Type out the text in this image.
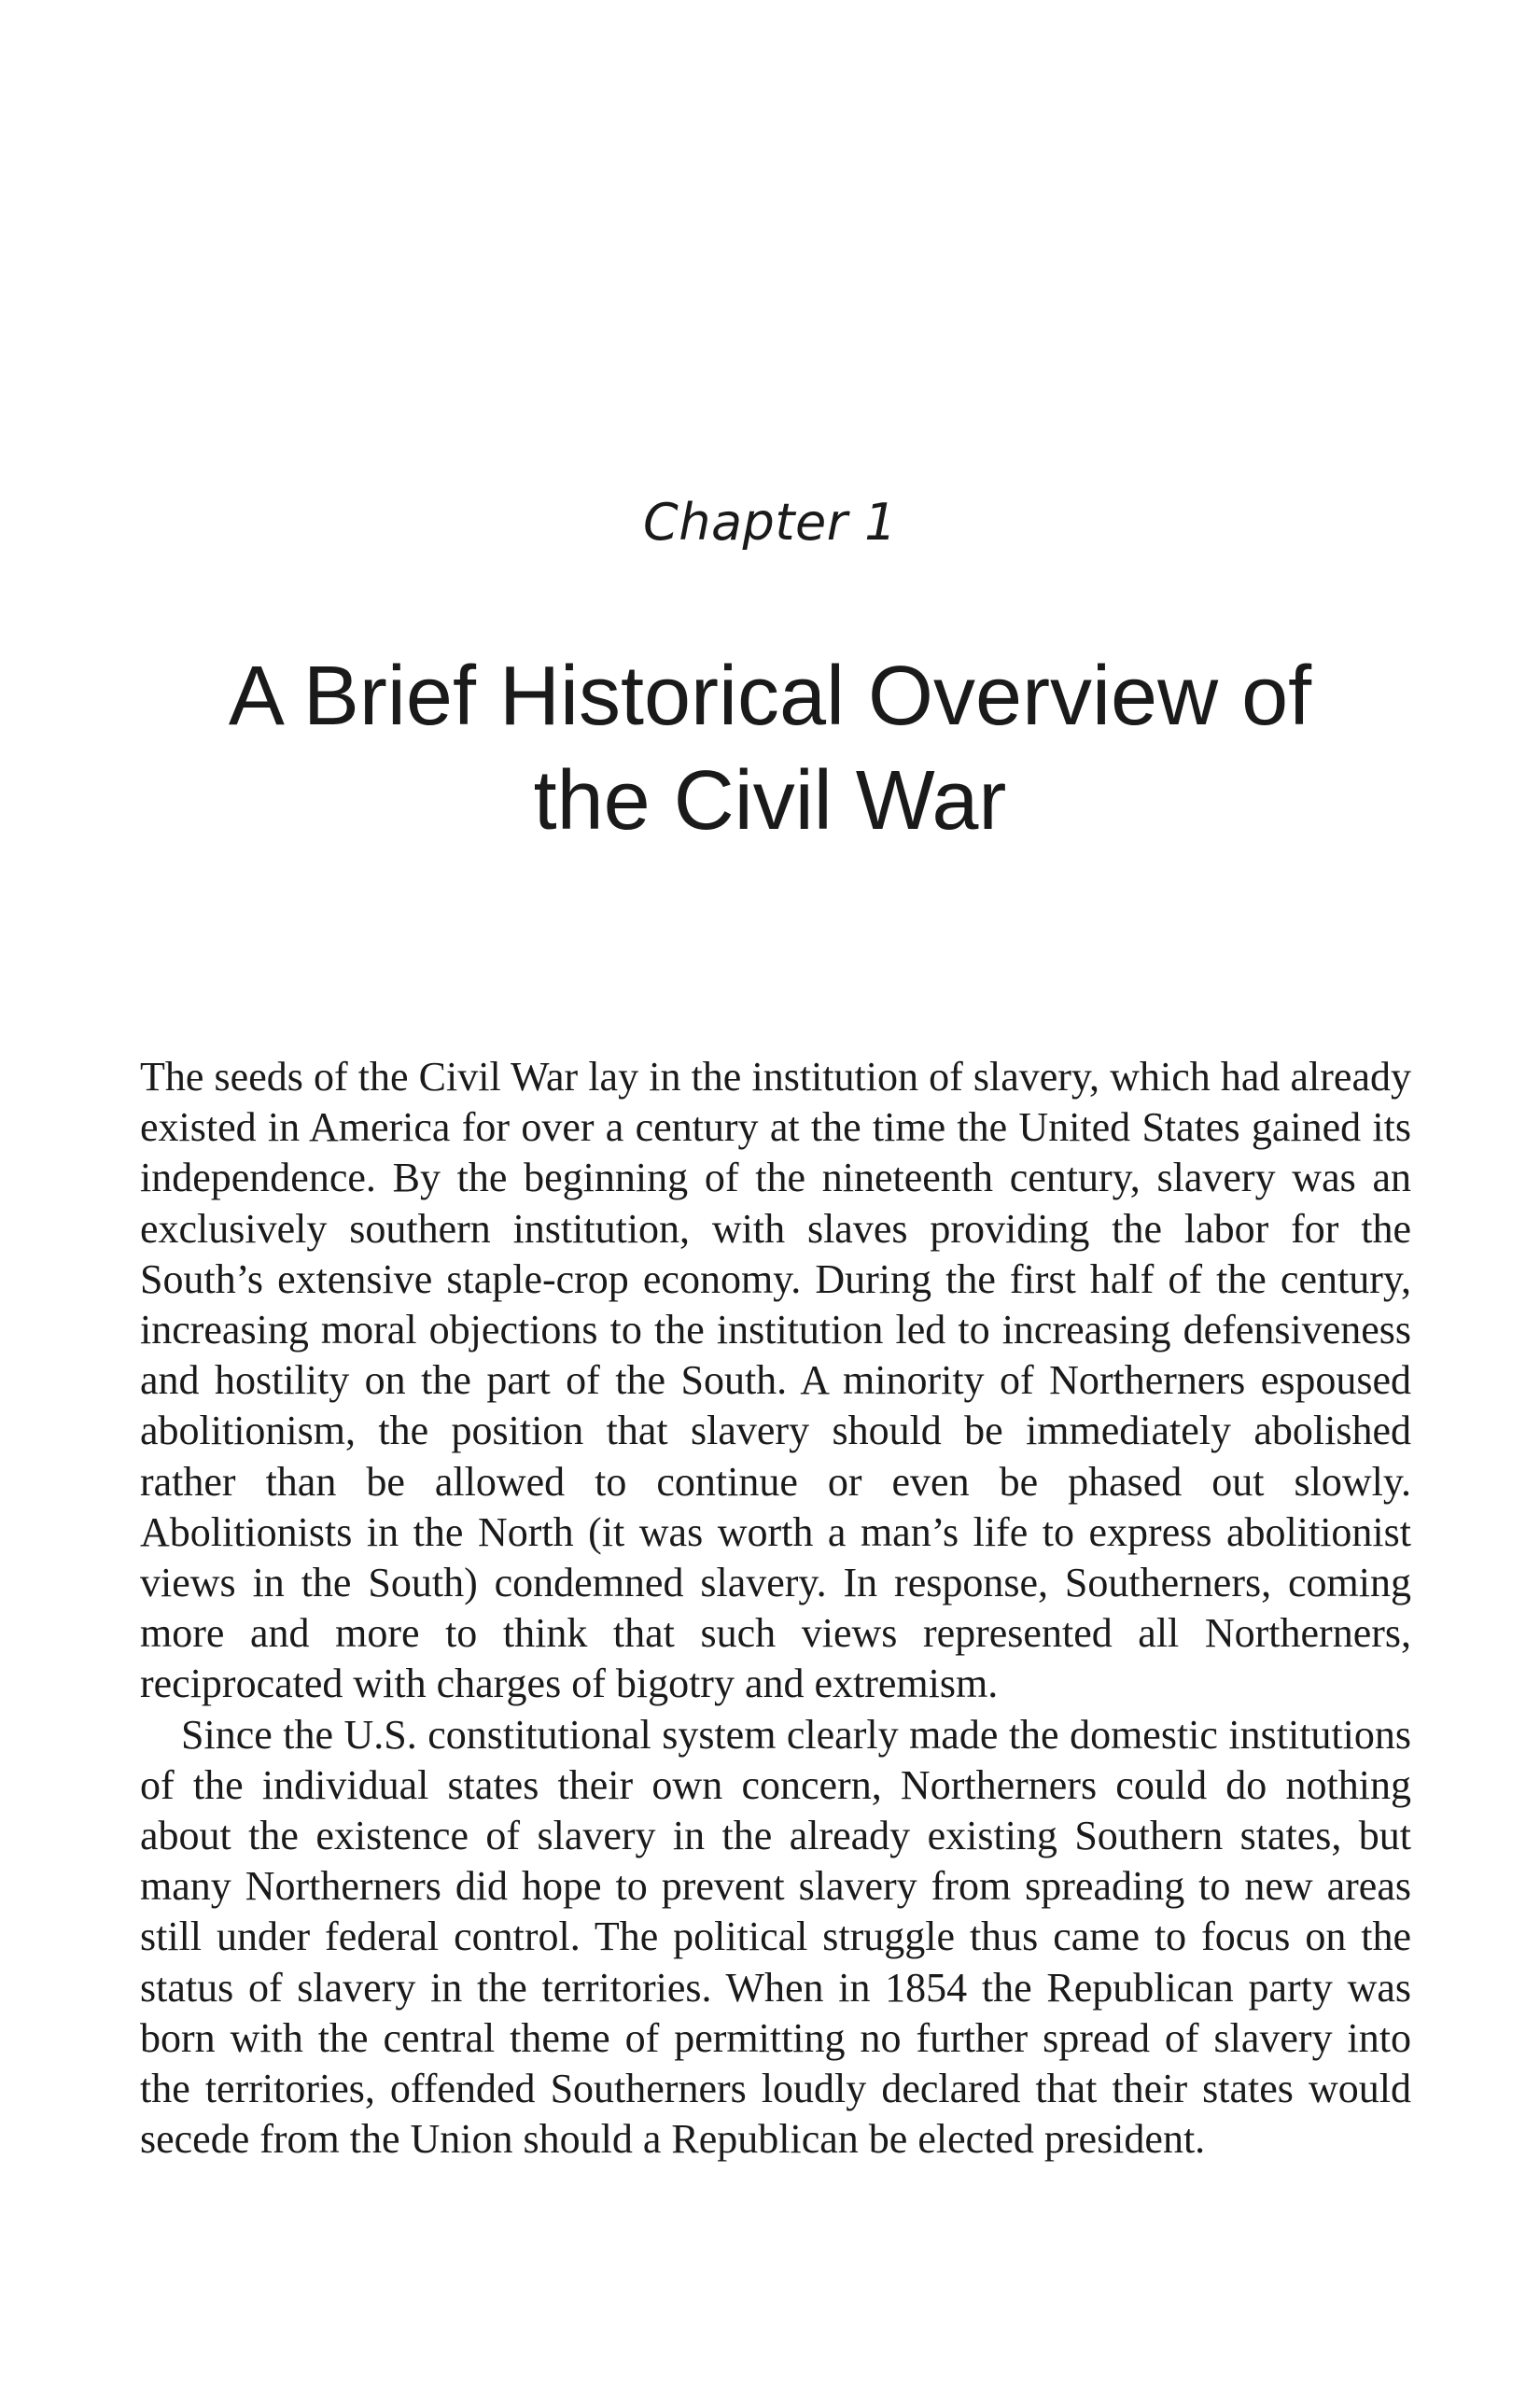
Chapter 1
A Brief Historical Overview of the Civil War

The seeds of the Civil War lay in the institution of slavery, which had already existed in America for over a century at the time the United States gained its independence. By the beginning of the nineteenth century, slavery was an exclusively southern institution, with slaves providing the labor for the South’s extensive staple-crop economy. During the first half of the century, increasing moral objections to the institution led to increasing defensiveness and hostility on the part of the South. A minority of Northerners espoused abolitionism, the position that slavery should be immediately abolished rather than be allowed to continue or even be phased out slowly. Abolitionists in the North (it was worth a man’s life to express abolitionist views in the South) condemned slavery. In response, Southerners, coming more and more to think that such views represented all Northerners, reciprocated with charges of bigotry and extremism.

Since the U.S. constitutional system clearly made the domestic institutions of the individual states their own concern, Northerners could do nothing about the existence of slavery in the already existing Southern states, but many Northerners did hope to prevent slavery from spreading to new areas still under federal control. The political struggle thus came to focus on the status of slavery in the territories. When in 1854 the Republican party was born with the central theme of permitting no further spread of slavery into the territories, offended Southerners loudly declared that their states would secede from the Union should a Republican be elected president.
